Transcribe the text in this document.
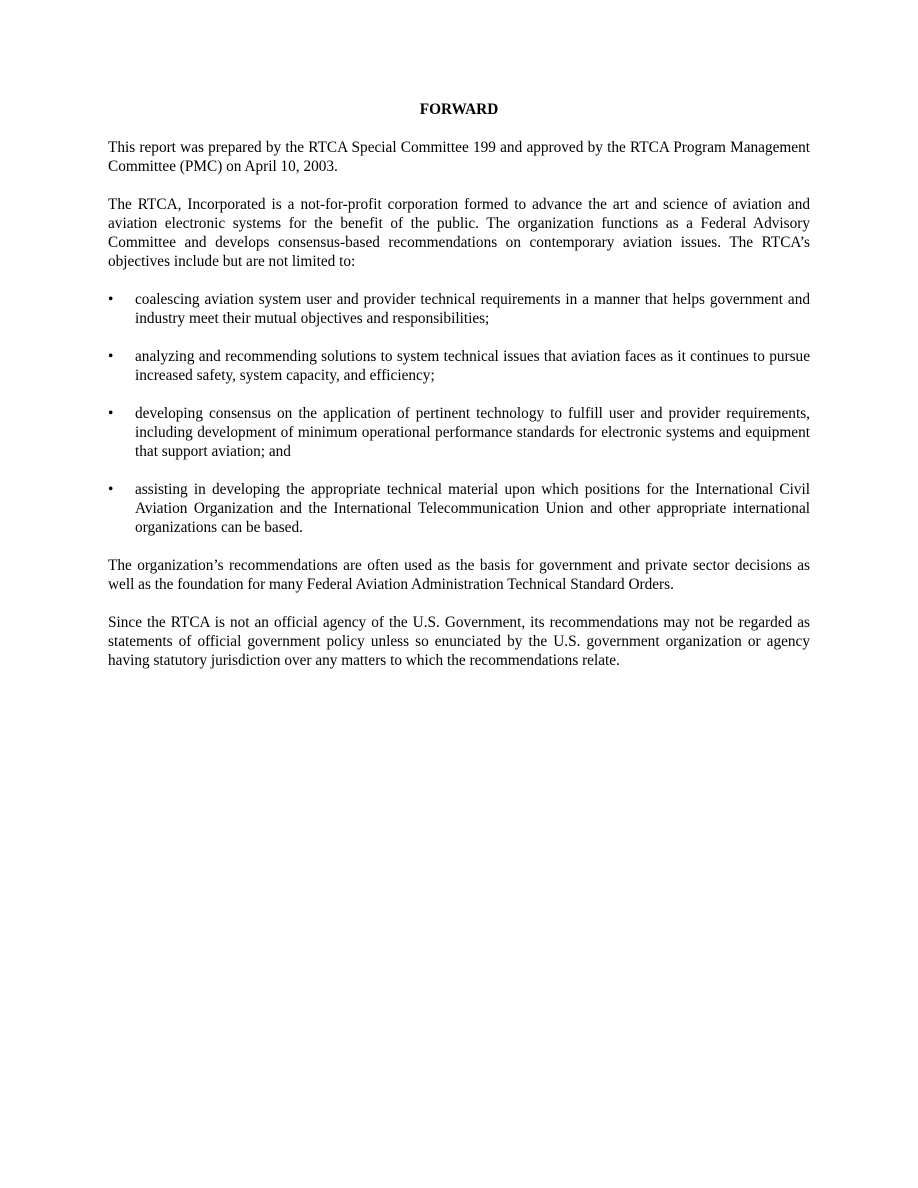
FORWARD

This report was prepared by the RTCA Special Committee 199 and approved by the RTCA Program Management Committee (PMC) on April 10, 2003.

The RTCA, Incorporated is a not-for-profit corporation formed to advance the art and science of aviation and aviation electronic systems for the benefit of the public. The organization functions as a Federal Advisory Committee and develops consensus-based recommendations on contemporary aviation issues. The RTCA’s objectives include but are not limited to:

•	coalescing aviation system user and provider technical requirements in a manner that helps government and industry meet their mutual objectives and responsibilities;
•	analyzing and recommending solutions to system technical issues that aviation faces as it continues to pursue increased safety, system capacity, and efficiency;
•	developing consensus on the application of pertinent technology to fulfill user and provider requirements, including development of minimum operational performance standards for electronic systems and equipment that support aviation; and
•	assisting in developing the appropriate technical material upon which positions for the International Civil Aviation Organization and the International Telecommunication Union and other appropriate international organizations can be based.

The organization’s recommendations are often used as the basis for government and private sector decisions as well as the foundation for many Federal Aviation Administration Technical Standard Orders.

Since the RTCA is not an official agency of the U.S. Government, its recommendations may not be regarded as statements of official government policy unless so enunciated by the U.S. government organization or agency having statutory jurisdiction over any matters to which the recommendations relate.
